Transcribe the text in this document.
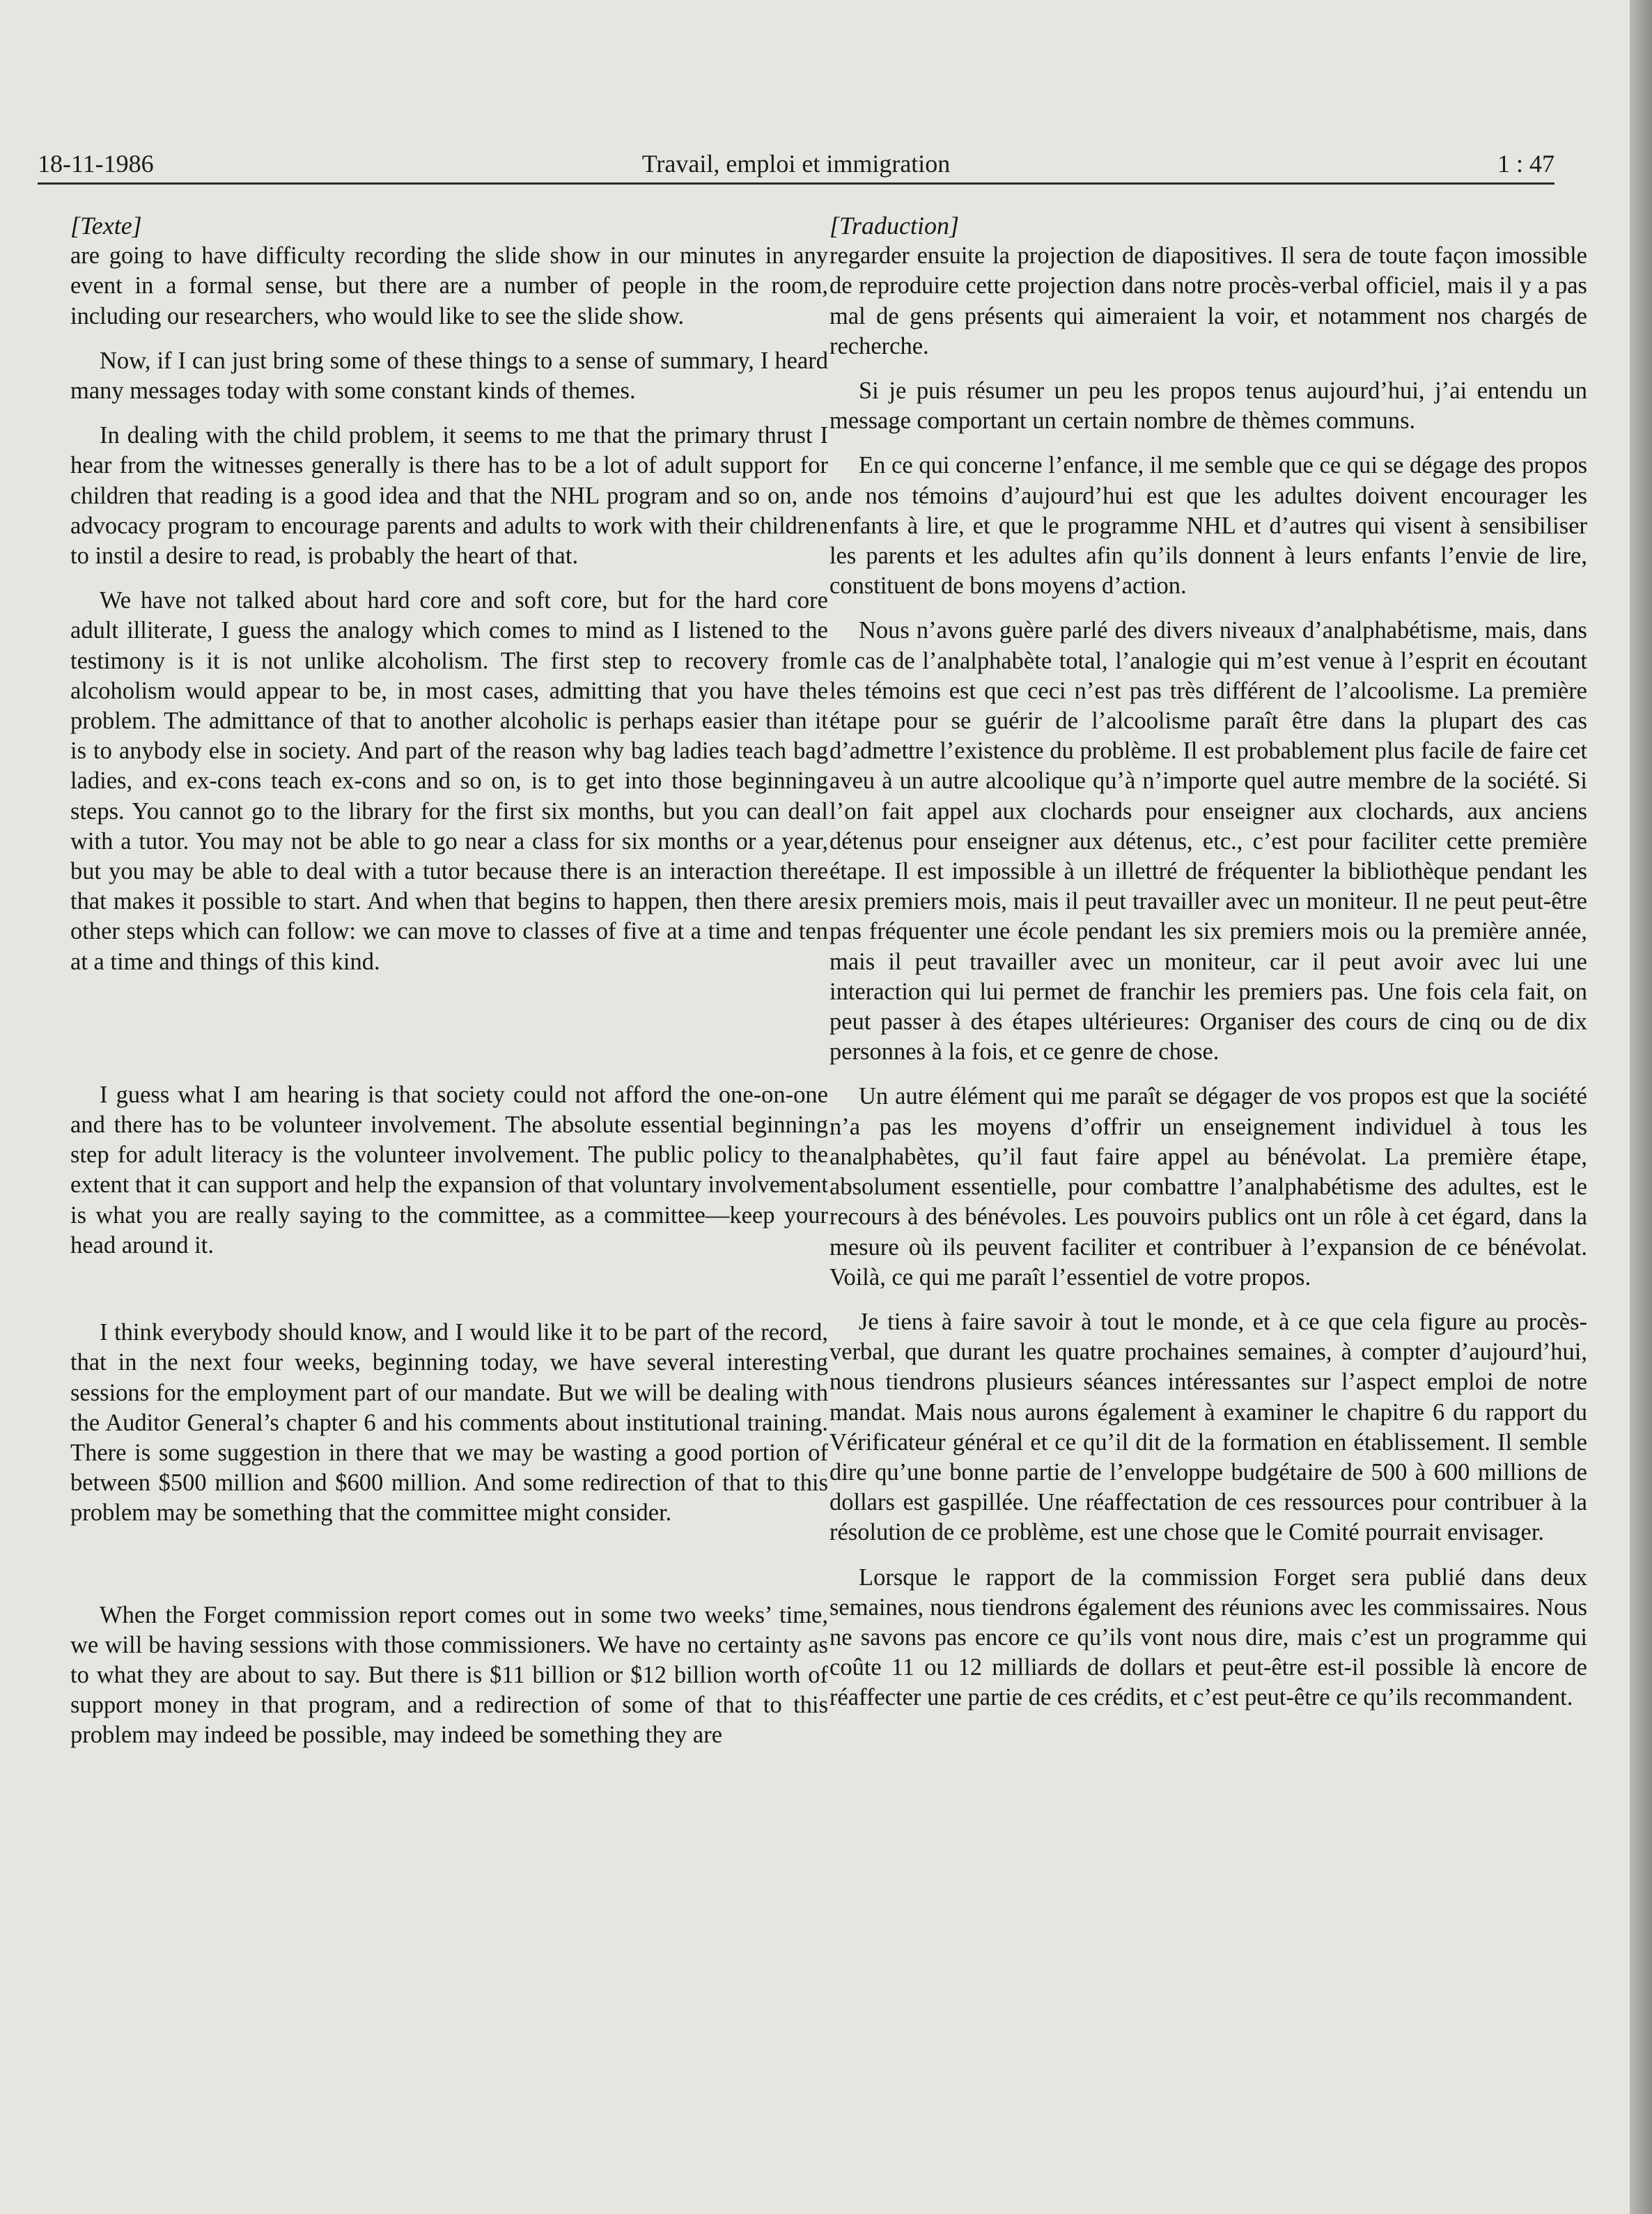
18-11-1986	Travail, emploi et immigration	1 : 47
[Texte]

are going to have difficulty recording the slide show in our minutes in any event in a formal sense, but there are a number of people in the room, including our researchers, who would like to see the slide show.

Now, if I can just bring some of these things to a sense of summary, I heard many messages today with some constant kinds of themes.

In dealing with the child problem, it seems to me that the primary thrust I hear from the witnesses generally is there has to be a lot of adult support for children that reading is a good idea and that the NHL program and so on, an advocacy program to encourage parents and adults to work with their children to instil a desire to read, is probably the heart of that.

We have not talked about hard core and soft core, but for the hard core adult illiterate, I guess the analogy which comes to mind as I listened to the testimony is it is not unlike alcoholism. The first step to recovery from alcoholism would appear to be, in most cases, admitting that you have the problem. The admittance of that to another alcoholic is perhaps easier than it is to anybody else in society. And part of the reason why bag ladies teach bag ladies, and ex-cons teach ex-cons and so on, is to get into those beginning steps. You cannot go to the library for the first six months, but you can deal with a tutor. You may not be able to go near a class for six months or a year, but you may be able to deal with a tutor because there is an interaction there that makes it possible to start. And when that begins to happen, then there are other steps which can follow: we can move to classes of five at a time and ten at a time and things of this kind.

I guess what I am hearing is that society could not afford the one-on-one and there has to be volunteer involvement. The absolute essential beginning step for adult literacy is the volunteer involvement. The public policy to the extent that it can support and help the expansion of that voluntary involvement is what you are really saying to the committee, as a committee—keep your head around it.

I think everybody should know, and I would like it to be part of the record, that in the next four weeks, beginning today, we have several interesting sessions for the employment part of our mandate. But we will be dealing with the Auditor General’s chapter 6 and his comments about institutional training. There is some suggestion in there that we may be wasting a good portion of between $500 million and $600 million. And some redirection of that to this problem may be something that the committee might consider.

When the Forget commission report comes out in some two weeks’ time, we will be having sessions with those commissioners. We have no certainty as to what they are about to say. But there is $11 billion or $12 billion worth of support money in that program, and a redirection of some of that to this problem may indeed be possible, may indeed be something they are

[Traduction]

regarder ensuite la projection de diapositives. Il sera de toute façon imossible de reproduire cette projection dans notre procès-verbal officiel, mais il y a pas mal de gens présents qui aimeraient la voir, et notamment nos chargés de recherche.

Si je puis résumer un peu les propos tenus aujourd’hui, j’ai entendu un message comportant un certain nombre de thèmes communs.

En ce qui concerne l’enfance, il me semble que ce qui se dégage des propos de nos témoins d’aujourd’hui est que les adultes doivent encourager les enfants à lire, et que le programme NHL et d’autres qui visent à sensibiliser les parents et les adultes afin qu’ils donnent à leurs enfants l’envie de lire, constituent de bons moyens d’action.

Nous n’avons guère parlé des divers niveaux d’analphabétisme, mais, dans le cas de l’analphabète total, l’analogie qui m’est venue à l’esprit en écoutant les témoins est que ceci n’est pas très différent de l’alcoolisme. La première étape pour se guérir de l’alcoolisme paraît être dans la plupart des cas d’admettre l’existence du problème. Il est probablement plus facile de faire cet aveu à un autre alcoolique qu’à n’importe quel autre membre de la société. Si l’on fait appel aux clochards pour enseigner aux clochards, aux anciens détenus pour enseigner aux détenus, etc., c’est pour faciliter cette première étape. Il est impossible à un illettré de fréquenter la bibliothèque pendant les six premiers mois, mais il peut travailler avec un moniteur. Il ne peut peut-être pas fréquenter une école pendant les six premiers mois ou la première année, mais il peut travailler avec un moniteur, car il peut avoir avec lui une interaction qui lui permet de franchir les premiers pas. Une fois cela fait, on peut passer à des étapes ultérieures: Organiser des cours de cinq ou de dix personnes à la fois, et ce genre de chose.

Un autre élément qui me paraît se dégager de vos propos est que la société n’a pas les moyens d’offrir un enseignement individuel à tous les analphabètes, qu’il faut faire appel au bénévolat. La première étape, absolument essentielle, pour combattre l’analphabétisme des adultes, est le recours à des bénévoles. Les pouvoirs publics ont un rôle à cet égard, dans la mesure où ils peuvent faciliter et contribuer à l’expansion de ce bénévolat. Voilà, ce qui me paraît l’essentiel de votre propos.

Je tiens à faire savoir à tout le monde, et à ce que cela figure au procès-verbal, que durant les quatre prochaines semaines, à compter d’aujourd’hui, nous tiendrons plusieurs séances intéressantes sur l’aspect emploi de notre mandat. Mais nous aurons également à examiner le chapitre 6 du rapport du Vérificateur général et ce qu’il dit de la formation en établissement. Il semble dire qu’une bonne partie de l’enveloppe budgétaire de 500 à 600 millions de dollars est gaspillée. Une réaffectation de ces ressources pour contribuer à la résolution de ce problème, est une chose que le Comité pourrait envisager.

Lorsque le rapport de la commission Forget sera publié dans deux semaines, nous tiendrons également des réunions avec les commissaires. Nous ne savons pas encore ce qu’ils vont nous dire, mais c’est un programme qui coûte 11 ou 12 milliards de dollars et peut-être est-il possible là encore de réaffecter une partie de ces crédits, et c’est peut-être ce qu’ils recommandent.
